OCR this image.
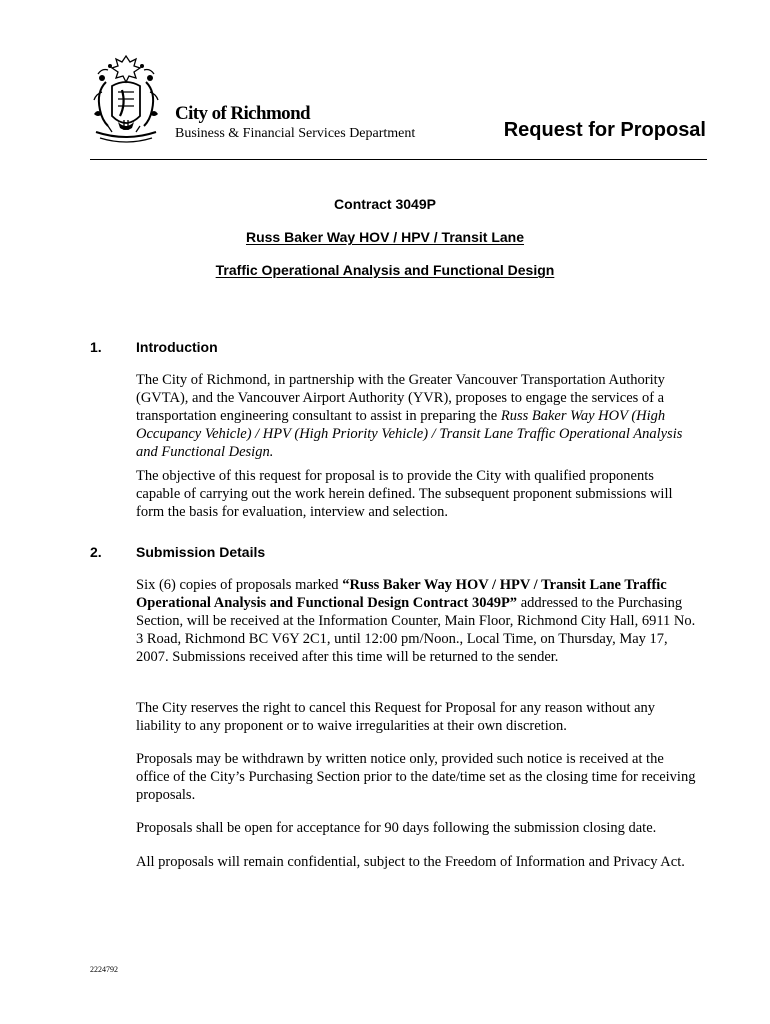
City of Richmond
Business & Financial Services Department	Request for Proposal
Contract 3049P
Russ Baker Way HOV / HPV / Transit Lane
Traffic Operational Analysis and Functional Design
1. Introduction
The City of Richmond, in partnership with the Greater Vancouver Transportation Authority (GVTA), and the Vancouver Airport Authority (YVR), proposes to engage the services of a transportation engineering consultant to assist in preparing the Russ Baker Way HOV (High Occupancy Vehicle) / HPV (High Priority Vehicle) / Transit Lane Traffic Operational Analysis and Functional Design.
The objective of this request for proposal is to provide the City with qualified proponents capable of carrying out the work herein defined. The subsequent proponent submissions will form the basis for evaluation, interview and selection.
2. Submission Details
Six (6) copies of proposals marked “Russ Baker Way HOV / HPV / Transit Lane Traffic Operational Analysis and Functional Design Contract 3049P” addressed to the Purchasing Section, will be received at the Information Counter, Main Floor, Richmond City Hall, 6911 No. 3 Road, Richmond BC V6Y 2C1, until 12:00 pm/Noon., Local Time, on Thursday, May 17, 2007. Submissions received after this time will be returned to the sender.
The City reserves the right to cancel this Request for Proposal for any reason without any liability to any proponent or to waive irregularities at their own discretion.
Proposals may be withdrawn by written notice only, provided such notice is received at the office of the City’s Purchasing Section prior to the date/time set as the closing time for receiving proposals.
Proposals shall be open for acceptance for 90 days following the submission closing date.
All proposals will remain confidential, subject to the Freedom of Information and Privacy Act.
2224792
